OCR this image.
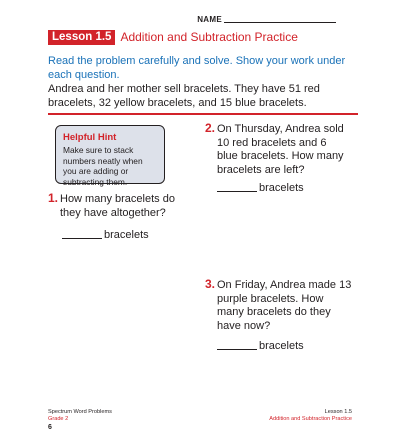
NAME
Lesson 1.5 Addition and Subtraction Practice

Read the problem carefully and solve. Show your work under each question.

Andrea and her mother sell bracelets. They have 51 red bracelets, 32 yellow bracelets, and 15 blue bracelets.

Helpful Hint
Make sure to stack numbers neatly when you are adding or subtracting them.
1. How many bracelets do they have altogether?
bracelets
2. On Thursday, Andrea sold 10 red bracelets and 6 blue bracelets. How many bracelets are left?
bracelets
3. On Friday, Andrea made 13 purple bracelets. How many bracelets do they have now?
bracelets
Spectrum Word Problems
Grade 2
6
Lesson 1.5
Addition and Subtraction Practice
